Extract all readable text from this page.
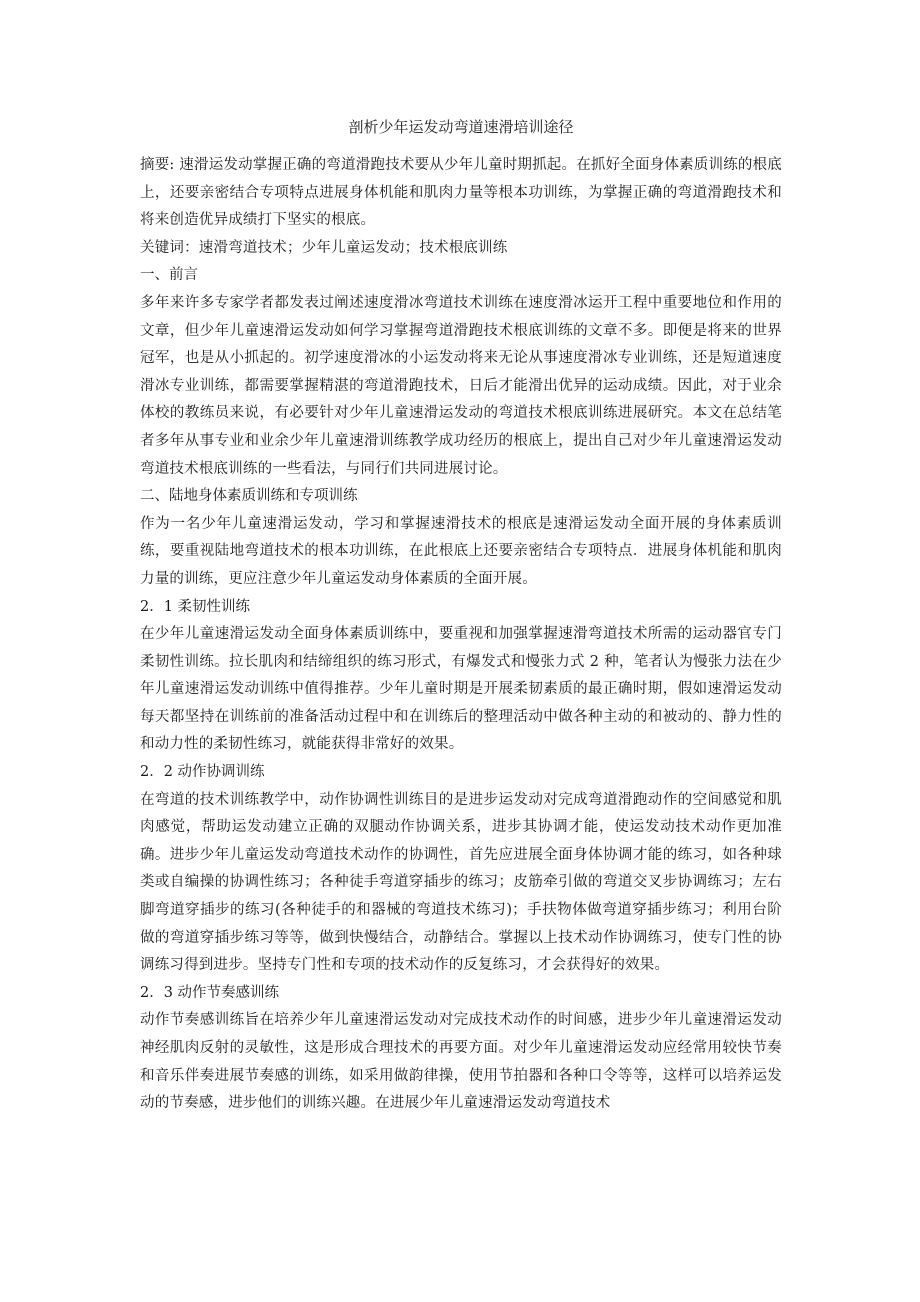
剖析少年运发动弯道速滑培训途径

摘要: 速滑运发动掌握正确的弯道滑跑技术要从少年儿童时期抓起。在抓好全面身体素质训练的根底上，还要亲密结合专项特点进展身体机能和肌肉力量等根本功训练，为掌握正确的弯道滑跑技术和将来创造优异成绩打下坚实的根底。

关键词：速滑弯道技术；少年儿童运发动；技术根底训练

一、前言

多年来许多专家学者都发表过阐述速度滑冰弯道技术训练在速度滑冰运开工程中重要地位和作用的文章，但少年儿童速滑运发动如何学习掌握弯道滑跑技术根底训练的文章不多。即便是将来的世界冠军，也是从小抓起的。初学速度滑冰的小运发动将来无论从事速度滑冰专业训练，还是短道速度滑冰专业训练，都需要掌握精湛的弯道滑跑技术，日后才能滑出优异的运动成绩。因此，对于业余体校的教练员来说，有必要针对少年儿童速滑运发动的弯道技术根底训练进展研究。本文在总结笔者多年从事专业和业余少年儿童速滑训练教学成功经历的根底上，提出自己对少年儿童速滑运发动弯道技术根底训练的一些看法，与同行们共同进展讨论。

二、陆地身体素质训练和专项训练

作为一名少年儿童速滑运发动，学习和掌握速滑技术的根底是速滑运发动全面开展的身体素质训练，要重视陆地弯道技术的根本功训练，在此根底上还要亲密结合专项特点．进展身体机能和肌肉力量的训练，更应注意少年儿童运发动身体素质的全面开展。

2．1 柔韧性训练

在少年儿童速滑运发动全面身体素质训练中，要重视和加强掌握速滑弯道技术所需的运动器官专门柔韧性训练。拉长肌肉和结缔组织的练习形式，有爆发式和慢张力式 2 种，笔者认为慢张力法在少年儿童速滑运发动训练中值得推荐。少年儿童时期是开展柔韧素质的最正确时期，假如速滑运发动每天都坚持在训练前的准备活动过程中和在训练后的整理活动中做各种主动的和被动的、静力性的和动力性的柔韧性练习，就能获得非常好的效果。

2．2 动作协调训练

在弯道的技术训练教学中，动作协调性训练目的是进步运发动对完成弯道滑跑动作的空间感觉和肌肉感觉，帮助运发动建立正确的双腿动作协调关系，进步其协调才能，使运发动技术动作更加准确。进步少年儿童运发动弯道技术动作的协调性，首先应进展全面身体协调才能的练习，如各种球类或自编操的协调性练习；各种徒手弯道穿插步的练习；皮筋牵引做的弯道交叉步协调练习；左右脚弯道穿插步的练习(各种徒手的和器械的弯道技术练习)；手扶物体做弯道穿插步练习；利用台阶做的弯道穿插步练习等等，做到快慢结合，动静结合。掌握以上技术动作协调练习，使专门性的协调练习得到进步。坚持专门性和专项的技术动作的反复练习，才会获得好的效果。

2．3 动作节奏感训练

动作节奏感训练旨在培养少年儿童速滑运发动对完成技术动作的时间感，进步少年儿童速滑运发动神经肌肉反射的灵敏性，这是形成合理技术的再要方面。对少年儿童速滑运发动应经常用较快节奏和音乐伴奏进展节奏感的训练，如采用做韵律操，使用节拍器和各种口令等等，这样可以培养运发动的节奏感，进步他们的训练兴趣。在进展少年儿童速滑运发动弯道技术
